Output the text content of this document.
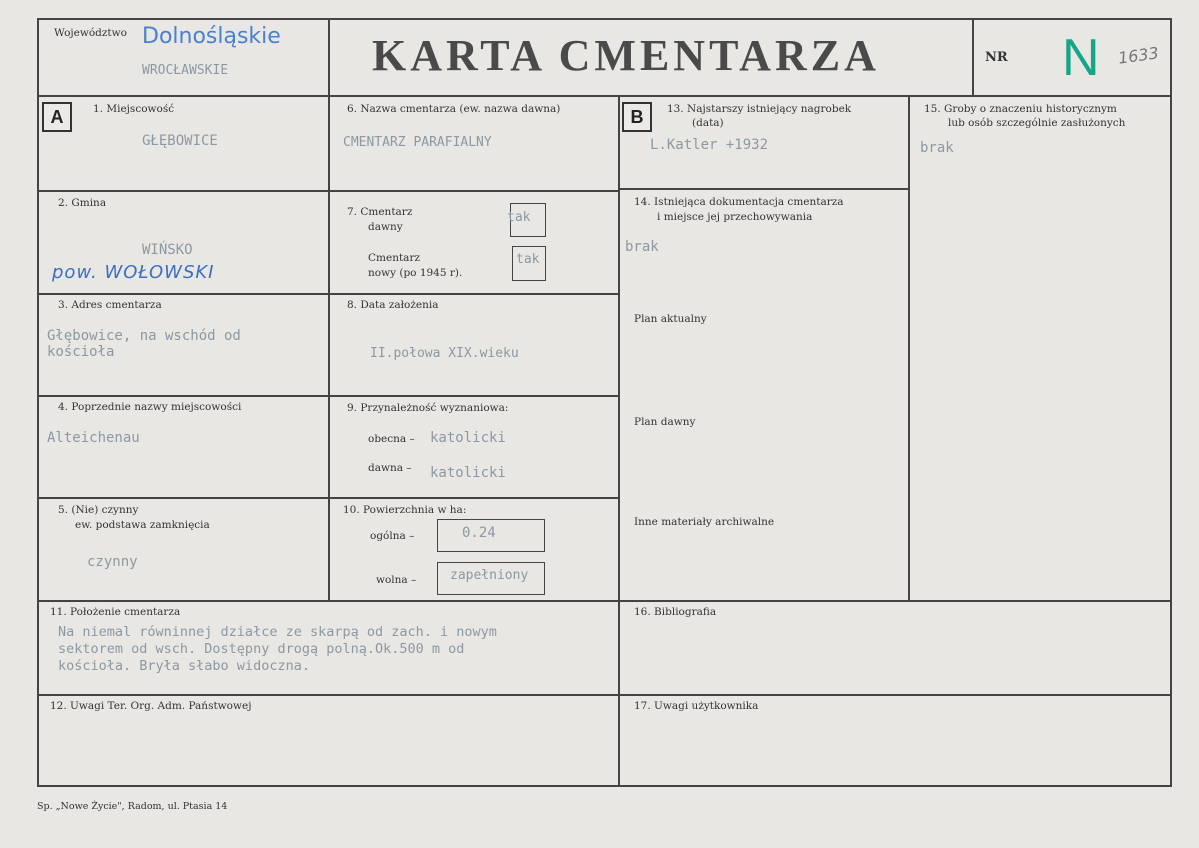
Województwo Dolnośląskie
WROCŁAWSKIE	KARTA CMENTARZA	NR N 1633
A	B
1. Miejscowość
GŁĘBOWICE
2. Gmina
WIŃSKO
pow. WOŁOWSKI
3. Adres cmentarza
Głębowice, na wschód od
kościoła
4. Poprzednie nazwy miejscowości
Alteichenau
5. (Nie) czynny
ew. podstawa zamknięcia
czynny
6. Nazwa cmentarza (ew. nazwa dawna)
CMENTARZ PARAFIALNY
7. Cmentarz
dawny
tak
Cmentarz
nowy (po 1945 r).
tak
8. Data założenia
II.połowa XIX.wieku
9. Przynależność wyznaniowa:
obecna – katolicki
dawna – katolicki
10. Powierzchnia w ha:
ogólna –	0.24
wolna –	zapełniony
11. Położenie cmentarza
Na niemal równinnej działce ze skarpą od zach. i nowym
sektorem od wsch. Dostępny drogą polną.Ok.500 m od
kościoła. Bryła słabo widoczna.
12. Uwagi Ter. Org. Adm. Państwowej
13. Najstarszy istniejący nagrobek
(data)
L.Katler +1932
14. Istniejąca dokumentacja cmentarza
i miejsce jej przechowywania
brak
Plan aktualny
Plan dawny
Inne materiały archiwalne
15. Groby o znaczeniu historycznym
lub osób szczególnie zasłużonych
brak
16. Bibliografia
17. Uwagi użytkownika
Sp. „Nowe Życie", Radom, ul. Ptasia 14
